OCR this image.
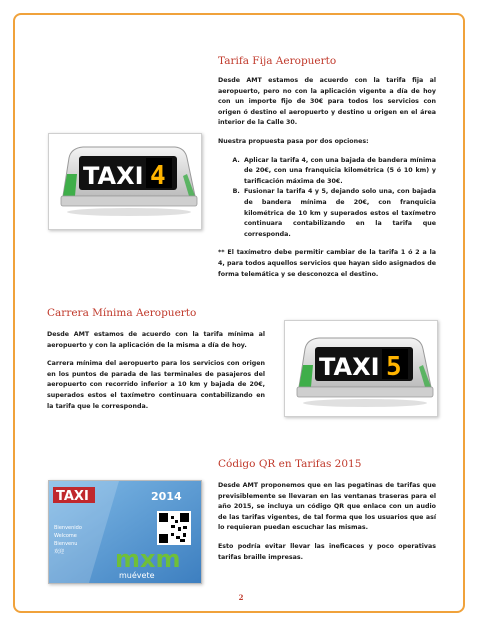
Tarifa Fija Aeropuerto

Desde AMT estamos de acuerdo con la tarifa fija al aeropuerto, pero no con la aplicación vigente a día de hoy con un importe fijo de 30€ para todos los servicios con origen ó destino el aeropuerto y destino u origen en el área interior de la Calle 30.

Nuestra propuesta pasa por dos opciones:

A. Aplicar la tarifa 4, con una bajada de bandera mínima de 20€, con una franquicia kilométrica (5 ó 10 km) y tarificación máxima de 30€.
B. Fusionar la tarifa 4 y 5, dejando solo una, con bajada de bandera mínima de 20€, con franquicia kilométrica de 10 km y superados estos el taxímetro continuara contabilizando en la tarifa que corresponda.

** El taxímetro debe permitir cambiar de la tarifa 1 ó 2 a la 4, para todos aquellos servicios que hayan sido asignados de forma telemática y se desconozca el destino.

TAXI 4
Carrera Mínima Aeropuerto

Desde AMT estamos de acuerdo con la tarifa mínima al aeropuerto y con la aplicación de la misma a día de hoy.

Carrera mínima del aeropuerto para los servicios con origen en los puntos de parada de las terminales de pasajeros del aeropuerto con recorrido inferior a 10 km y bajada de 20€, superados estos el taxímetro continuara contabilizando en la tarifa que le corresponda.

TAXI 5
Código QR en Tarifas 2015

Desde AMT proponemos que en las pegatinas de tarifas que previsiblemente se llevaran en las ventanas traseras para el año 2015, se incluya un código QR que enlace con un audio de las tarifas vigentes, de tal forma que los usuarios que así lo requieran puedan escuchar las mismas.

Esto podría evitar llevar las ineficaces y poco operativas tarifas braille impresas.

TAXI	2014
Bienvenido
Welcome
Bienvenu
欢迎 mxm
muévete
2
